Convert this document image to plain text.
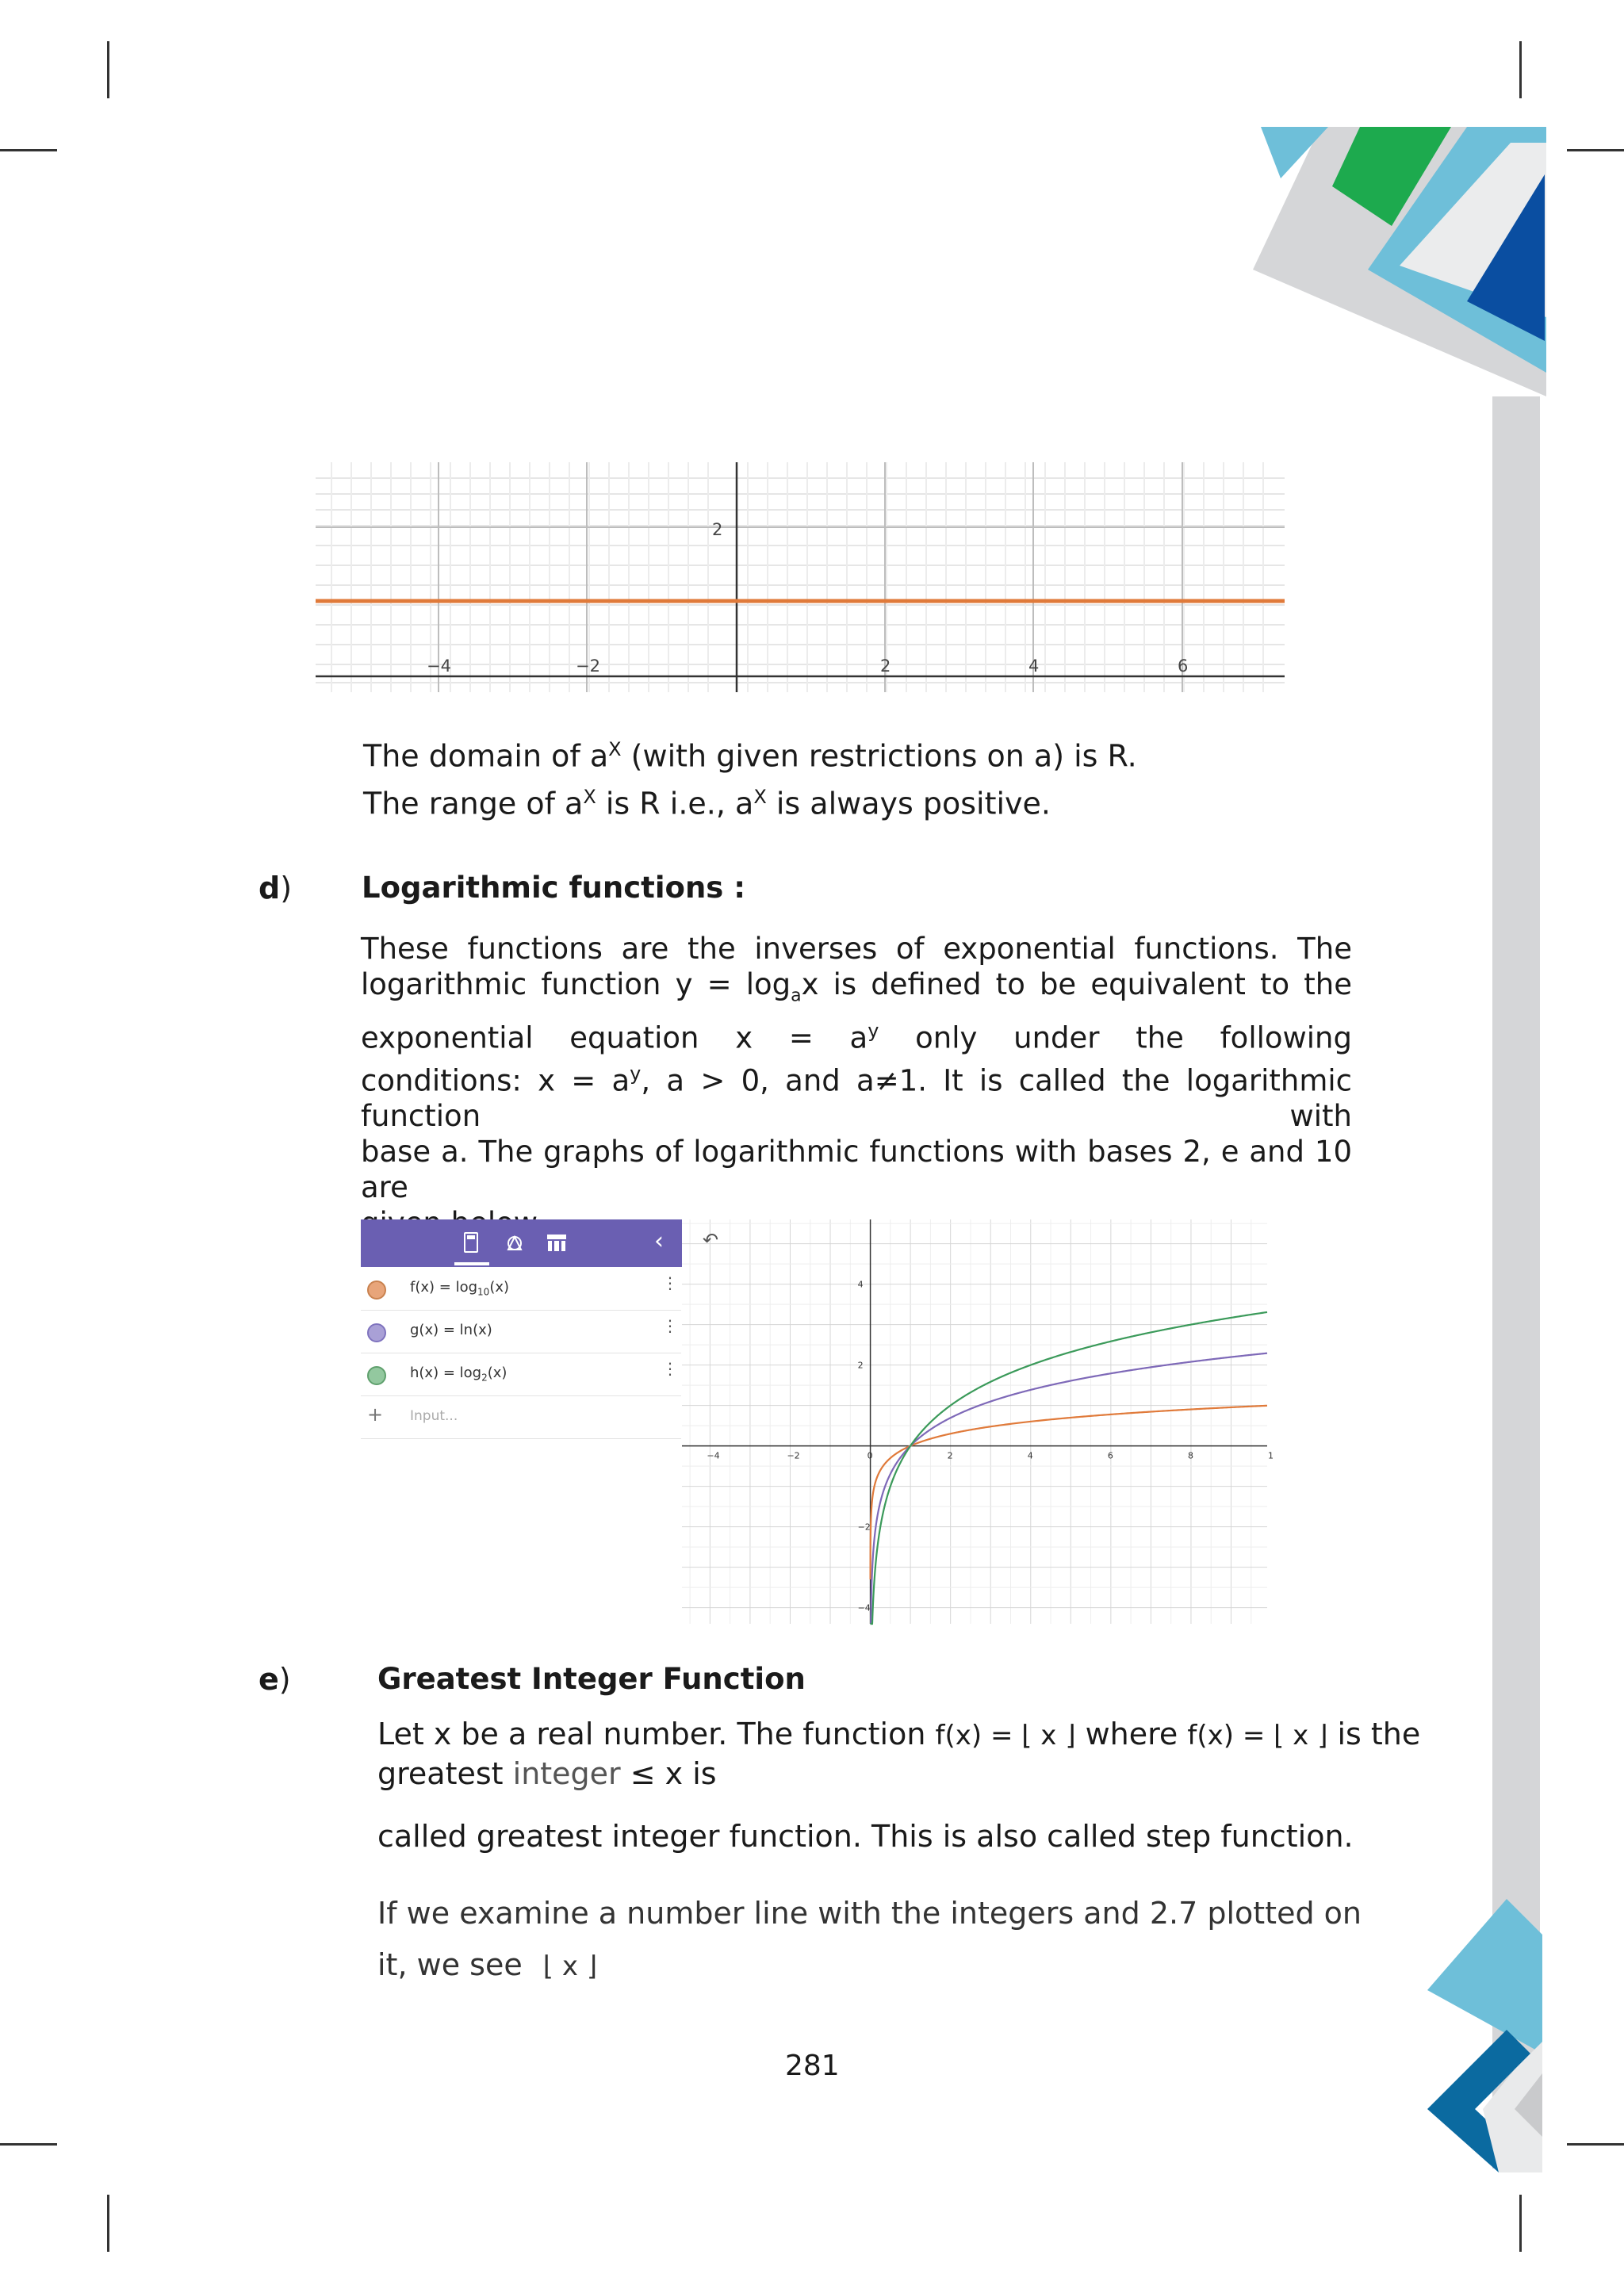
2
−4	−2	2	4	6
The domain of $a^X$ (with given restrictions on a) is R.
The range of $a^X$ is R i.e., $a^X$ is always positive.
d) Logarithmic functions :
These functions are the inverses of exponential functions. The
logarithmic function $y = \log_ax$ is defined to be equivalent to the
exponential equation $x = a^y$ only under the following
conditions: $x = a^y$, a > 0, and a≠1. It is called the logarithmic function with
base a. The graphs of logarithmic functions with bases 2, e and 10 are
‹
$f(x) = \log_{10}(x)$	⋮
g(x) = ln(x)	⋮
$h(x) = \log_2(x)$	⋮
+ Input...
−4	−2	0	2	4	6	8	1
4
2
−2
−4
↶
e)	Greatest Integer Function
Let x be a real number. The function f(x) = ⌊ x ⌋ where f(x) = ⌊ x ⌋ is the
greatest integer ≤ x is
called greatest integer function. This is also called step function.
If we examine a number line with the integers and 2.7 plotted on
it, we see ⌊ x ⌋
281
